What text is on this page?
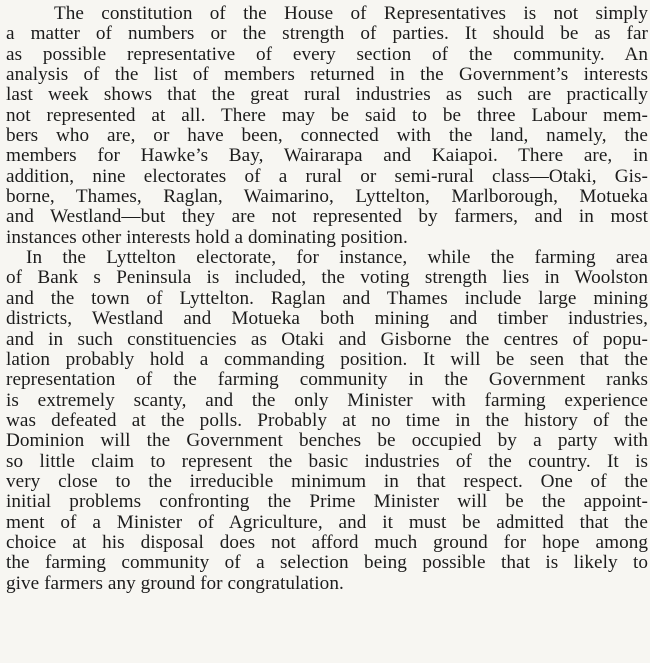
The constitution of the House of Representatives is not simply
a matter of numbers or the strength of parties. It should be as far
as possible representative of every section of the community. An
analysis of the list of members returned in the Government’s interests
last week shows that the great rural industries as such are practically
not represented at all. There may be said to be three Labour mem-
bers who are, or have been, connected with the land, namely, the
members for Hawke’s Bay, Wairarapa and Kaiapoi. There are, in
addition, nine electorates of a rural or semi-rural class—Otaki, Gis-
borne, Thames, Raglan, Waimarino, Lyttelton, Marlborough, Motueka
and Westland—but they are not represented by farmers, and in most
instances other interests hold a dominating position.
In the Lyttelton electorate, for instance, while the farming area
of Bank s Peninsula is included, the voting strength lies in Woolston
and the town of Lyttelton. Raglan and Thames include large mining
districts, Westland and Motueka both mining and timber industries,
and in such constituencies as Otaki and Gisborne the centres of popu-
lation probably hold a commanding position. It will be seen that the
representation of the farming community in the Government ranks
is extremely scanty, and the only Minister with farming experience
was defeated at the polls. Probably at no time in the history of the
Dominion will the Government benches be occupied by a party with
so little claim to represent the basic industries of the country. It is
very close to the irreducible minimum in that respect. One of the
initial problems confronting the Prime Minister will be the appoint-
ment of a Minister of Agriculture, and it must be admitted that the
choice at his disposal does not afford much ground for hope among
the farming community of a selection being possible that is likely to
give farmers any ground for congratulation.
